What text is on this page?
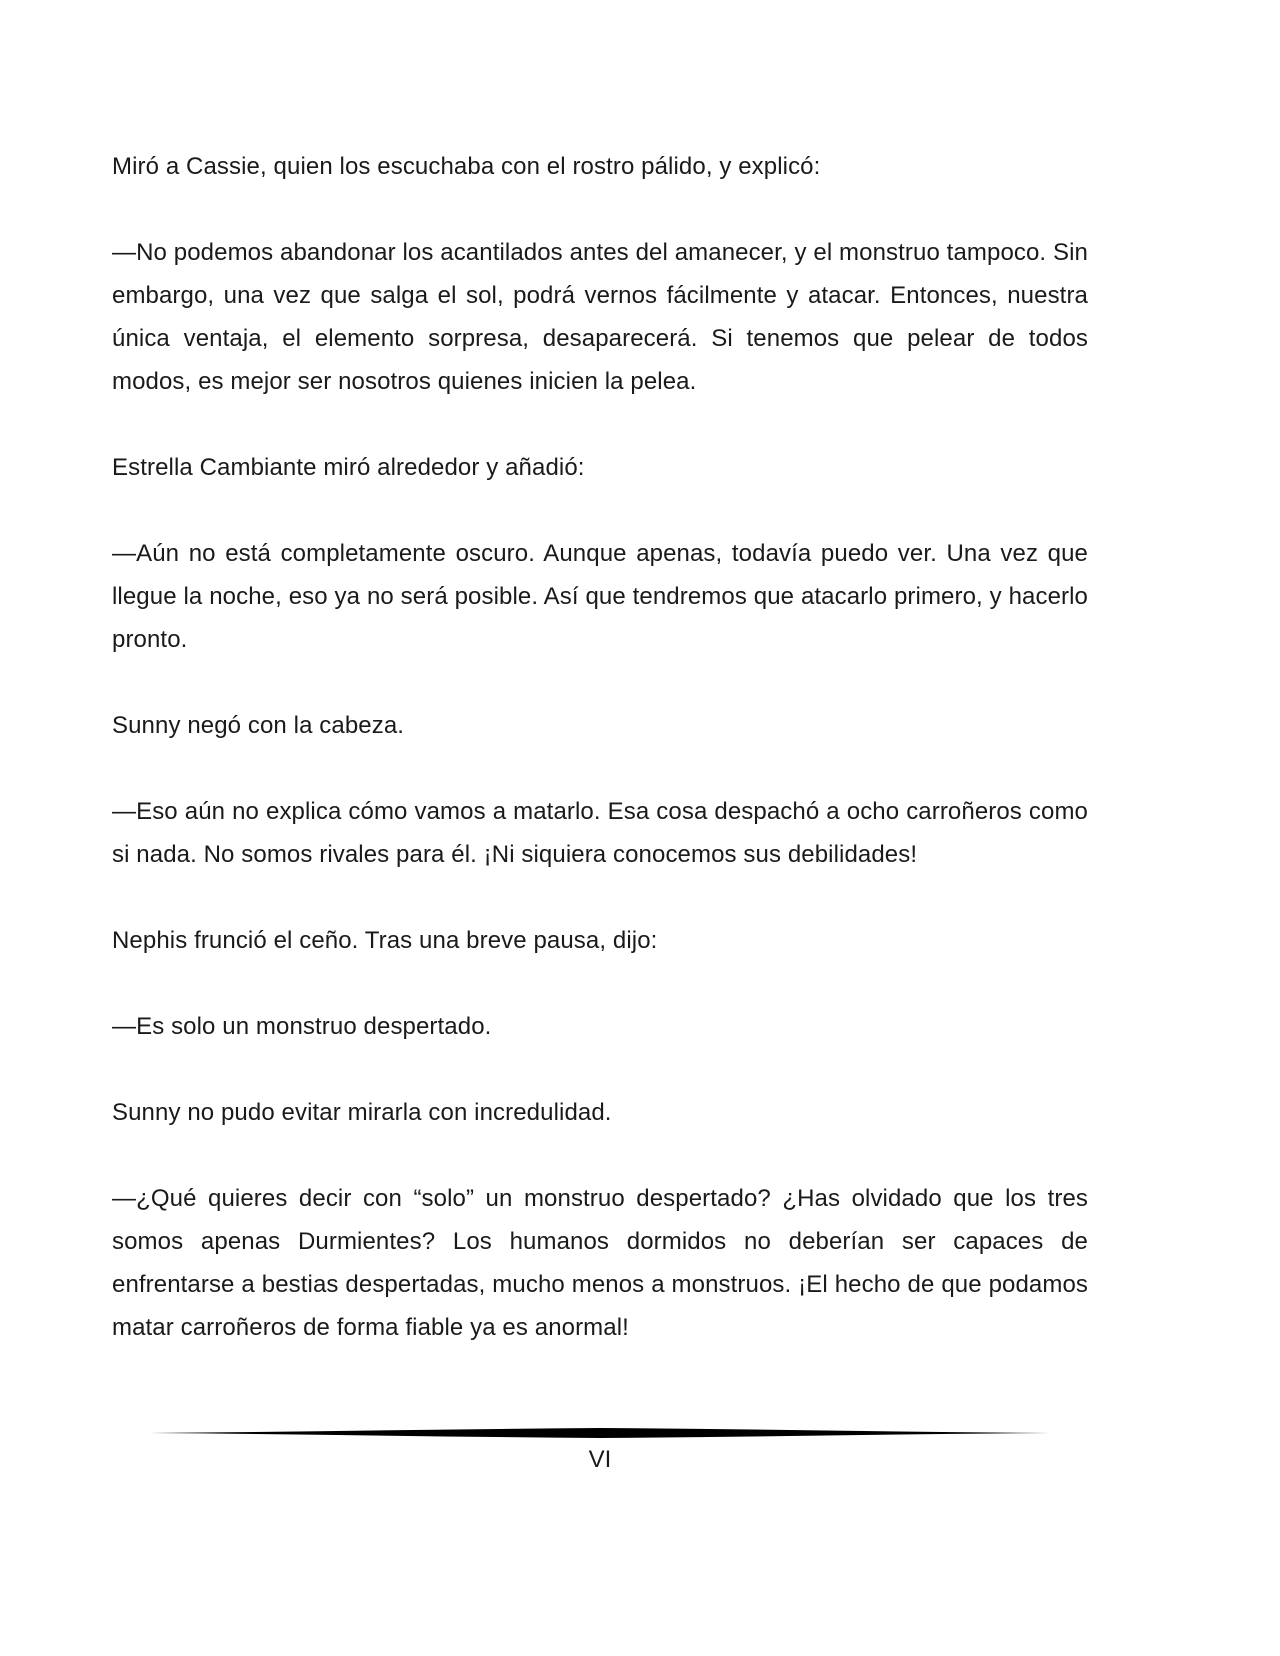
Miró a Cassie, quien los escuchaba con el rostro pálido, y explicó:

—No podemos abandonar los acantilados antes del amanecer, y el monstruo tampoco. Sin embargo, una vez que salga el sol, podrá vernos fácilmente y atacar. Entonces, nuestra única ventaja, el elemento sorpresa, desaparecerá. Si tenemos que pelear de todos modos, es mejor ser nosotros quienes inicien la pelea.

Estrella Cambiante miró alrededor y añadió:

—Aún no está completamente oscuro. Aunque apenas, todavía puedo ver. Una vez que llegue la noche, eso ya no será posible. Así que tendremos que atacarlo primero, y hacerlo pronto.

Sunny negó con la cabeza.

—Eso aún no explica cómo vamos a matarlo. Esa cosa despachó a ocho carroñeros como si nada. No somos rivales para él. ¡Ni siquiera conocemos sus debilidades!

Nephis frunció el ceño. Tras una breve pausa, dijo:

—Es solo un monstruo despertado.

Sunny no pudo evitar mirarla con incredulidad.

—¿Qué quieres decir con “solo” un monstruo despertado? ¿Has olvidado que los tres somos apenas Durmientes? Los humanos dormidos no deberían ser capaces de enfrentarse a bestias despertadas, mucho menos a monstruos. ¡El hecho de que podamos matar carroñeros de forma fiable ya es anormal!

VI
